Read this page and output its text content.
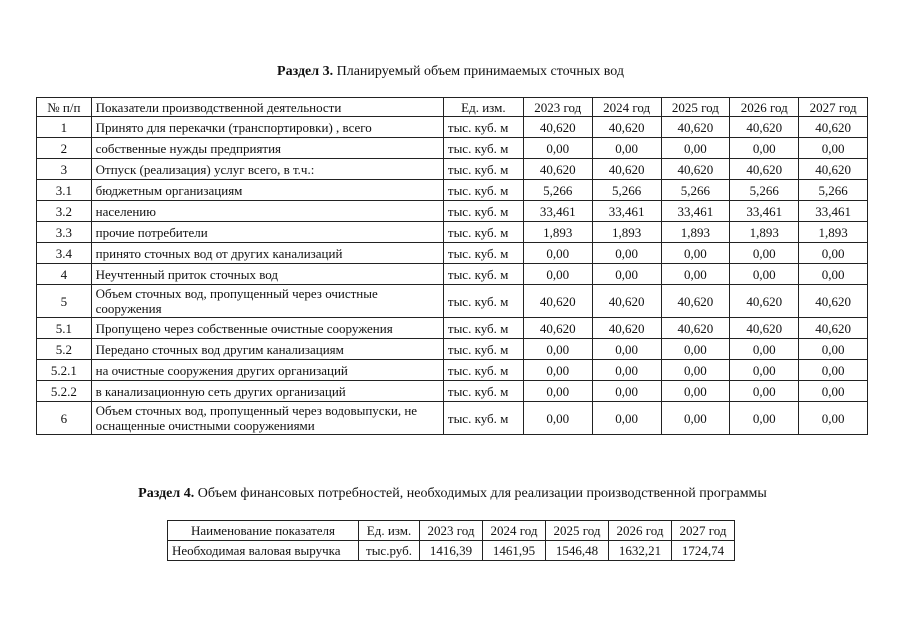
Раздел 3. Планируемый объем принимаемых сточных вод
№ п/п	Показатели производственной деятельности	Ед. изм.	2023 год	2024 год	2025 год	2026 год	2027 год
1	Принято для перекачки (транспортировки) , всего	тыс. куб. м	40,620	40,620	40,620	40,620	40,620
2	собственные нужды предприятия	тыс. куб. м	0,00	0,00	0,00	0,00	0,00
3	Отпуск (реализация) услуг всего, в т.ч.:	тыс. куб. м	40,620	40,620	40,620	40,620	40,620
3.1	бюджетным организациям	тыс. куб. м	5,266	5,266	5,266	5,266	5,266
3.2	населению	тыс. куб. м	33,461	33,461	33,461	33,461	33,461
3.3	прочие потребители	тыс. куб. м	1,893	1,893	1,893	1,893	1,893
3.4	принято сточных вод от других канализаций	тыс. куб. м	0,00	0,00	0,00	0,00	0,00
4	Неучтенный приток сточных вод	тыс. куб. м	0,00	0,00	0,00	0,00	0,00
5	Объем сточных вод, пропущенный через очистные сооружения	тыс. куб. м	40,620	40,620	40,620	40,620	40,620
5.1	Пропущено через собственные очистные сооружения	тыс. куб. м	40,620	40,620	40,620	40,620	40,620
5.2	Передано сточных вод другим канализациям	тыс. куб. м	0,00	0,00	0,00	0,00	0,00
5.2.1	на очистные сооружения других организаций	тыс. куб. м	0,00	0,00	0,00	0,00	0,00
5.2.2	в канализационную сеть других организаций	тыс. куб. м	0,00	0,00	0,00	0,00	0,00
6	Объем сточных вод, пропущенный через водовыпуски, не оснащенные очистными сооружениями	тыс. куб. м	0,00	0,00	0,00	0,00	0,00
Раздел 4. Объем финансовых потребностей, необходимых для реализации производственной программы
Наименование показателя	Ед. изм.	2023 год	2024 год	2025 год	2026 год	2027 год
Необходимая валовая выручка	тыс.руб.	1416,39	1461,95	1546,48	1632,21	1724,74
